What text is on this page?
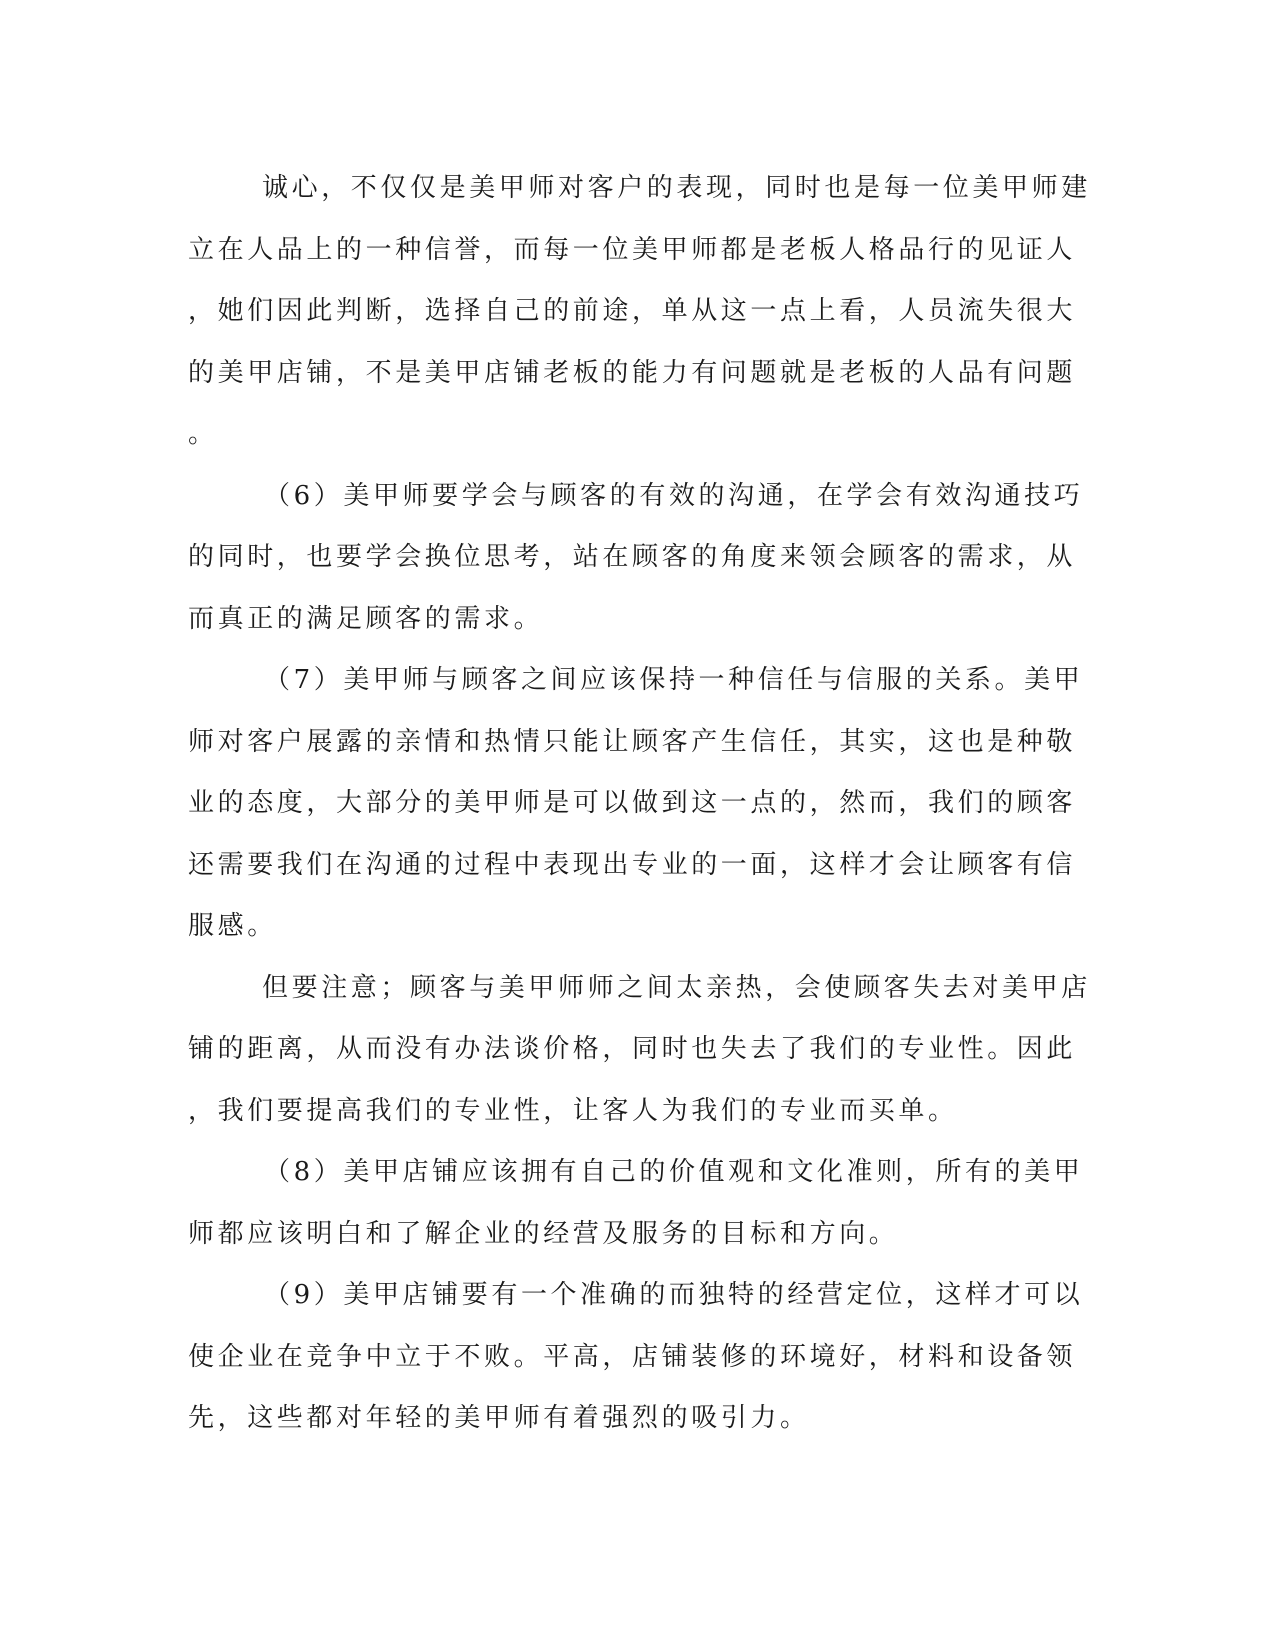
诚心，不仅仅是美甲师对客户的表现，同时也是每一位美甲师建
立在人品上的一种信誉，而每一位美甲师都是老板人格品行的见证人
，她们因此判断，选择自己的前途，单从这一点上看，人员流失很大
的美甲店铺，不是美甲店铺老板的能力有问题就是老板的人品有问题
。
（6）美甲师要学会与顾客的有效的沟通，在学会有效沟通技巧
的同时，也要学会换位思考，站在顾客的角度来领会顾客的需求，从
而真正的满足顾客的需求。
（7）美甲师与顾客之间应该保持一种信任与信服的关系。美甲
师对客户展露的亲情和热情只能让顾客产生信任，其实，这也是种敬
业的态度，大部分的美甲师是可以做到这一点的，然而，我们的顾客
还需要我们在沟通的过程中表现出专业的一面，这样才会让顾客有信
服感。
但要注意；顾客与美甲师师之间太亲热，会使顾客失去对美甲店
铺的距离，从而没有办法谈价格，同时也失去了我们的专业性。因此
，我们要提高我们的专业性，让客人为我们的专业而买单。
（8）美甲店铺应该拥有自己的价值观和文化准则，所有的美甲
师都应该明白和了解企业的经营及服务的目标和方向。
（9）美甲店铺要有一个准确的而独特的经营定位，这样才可以
使企业在竞争中立于不败。平高，店铺装修的环境好，材料和设备领
先，这些都对年轻的美甲师有着强烈的吸引力。
